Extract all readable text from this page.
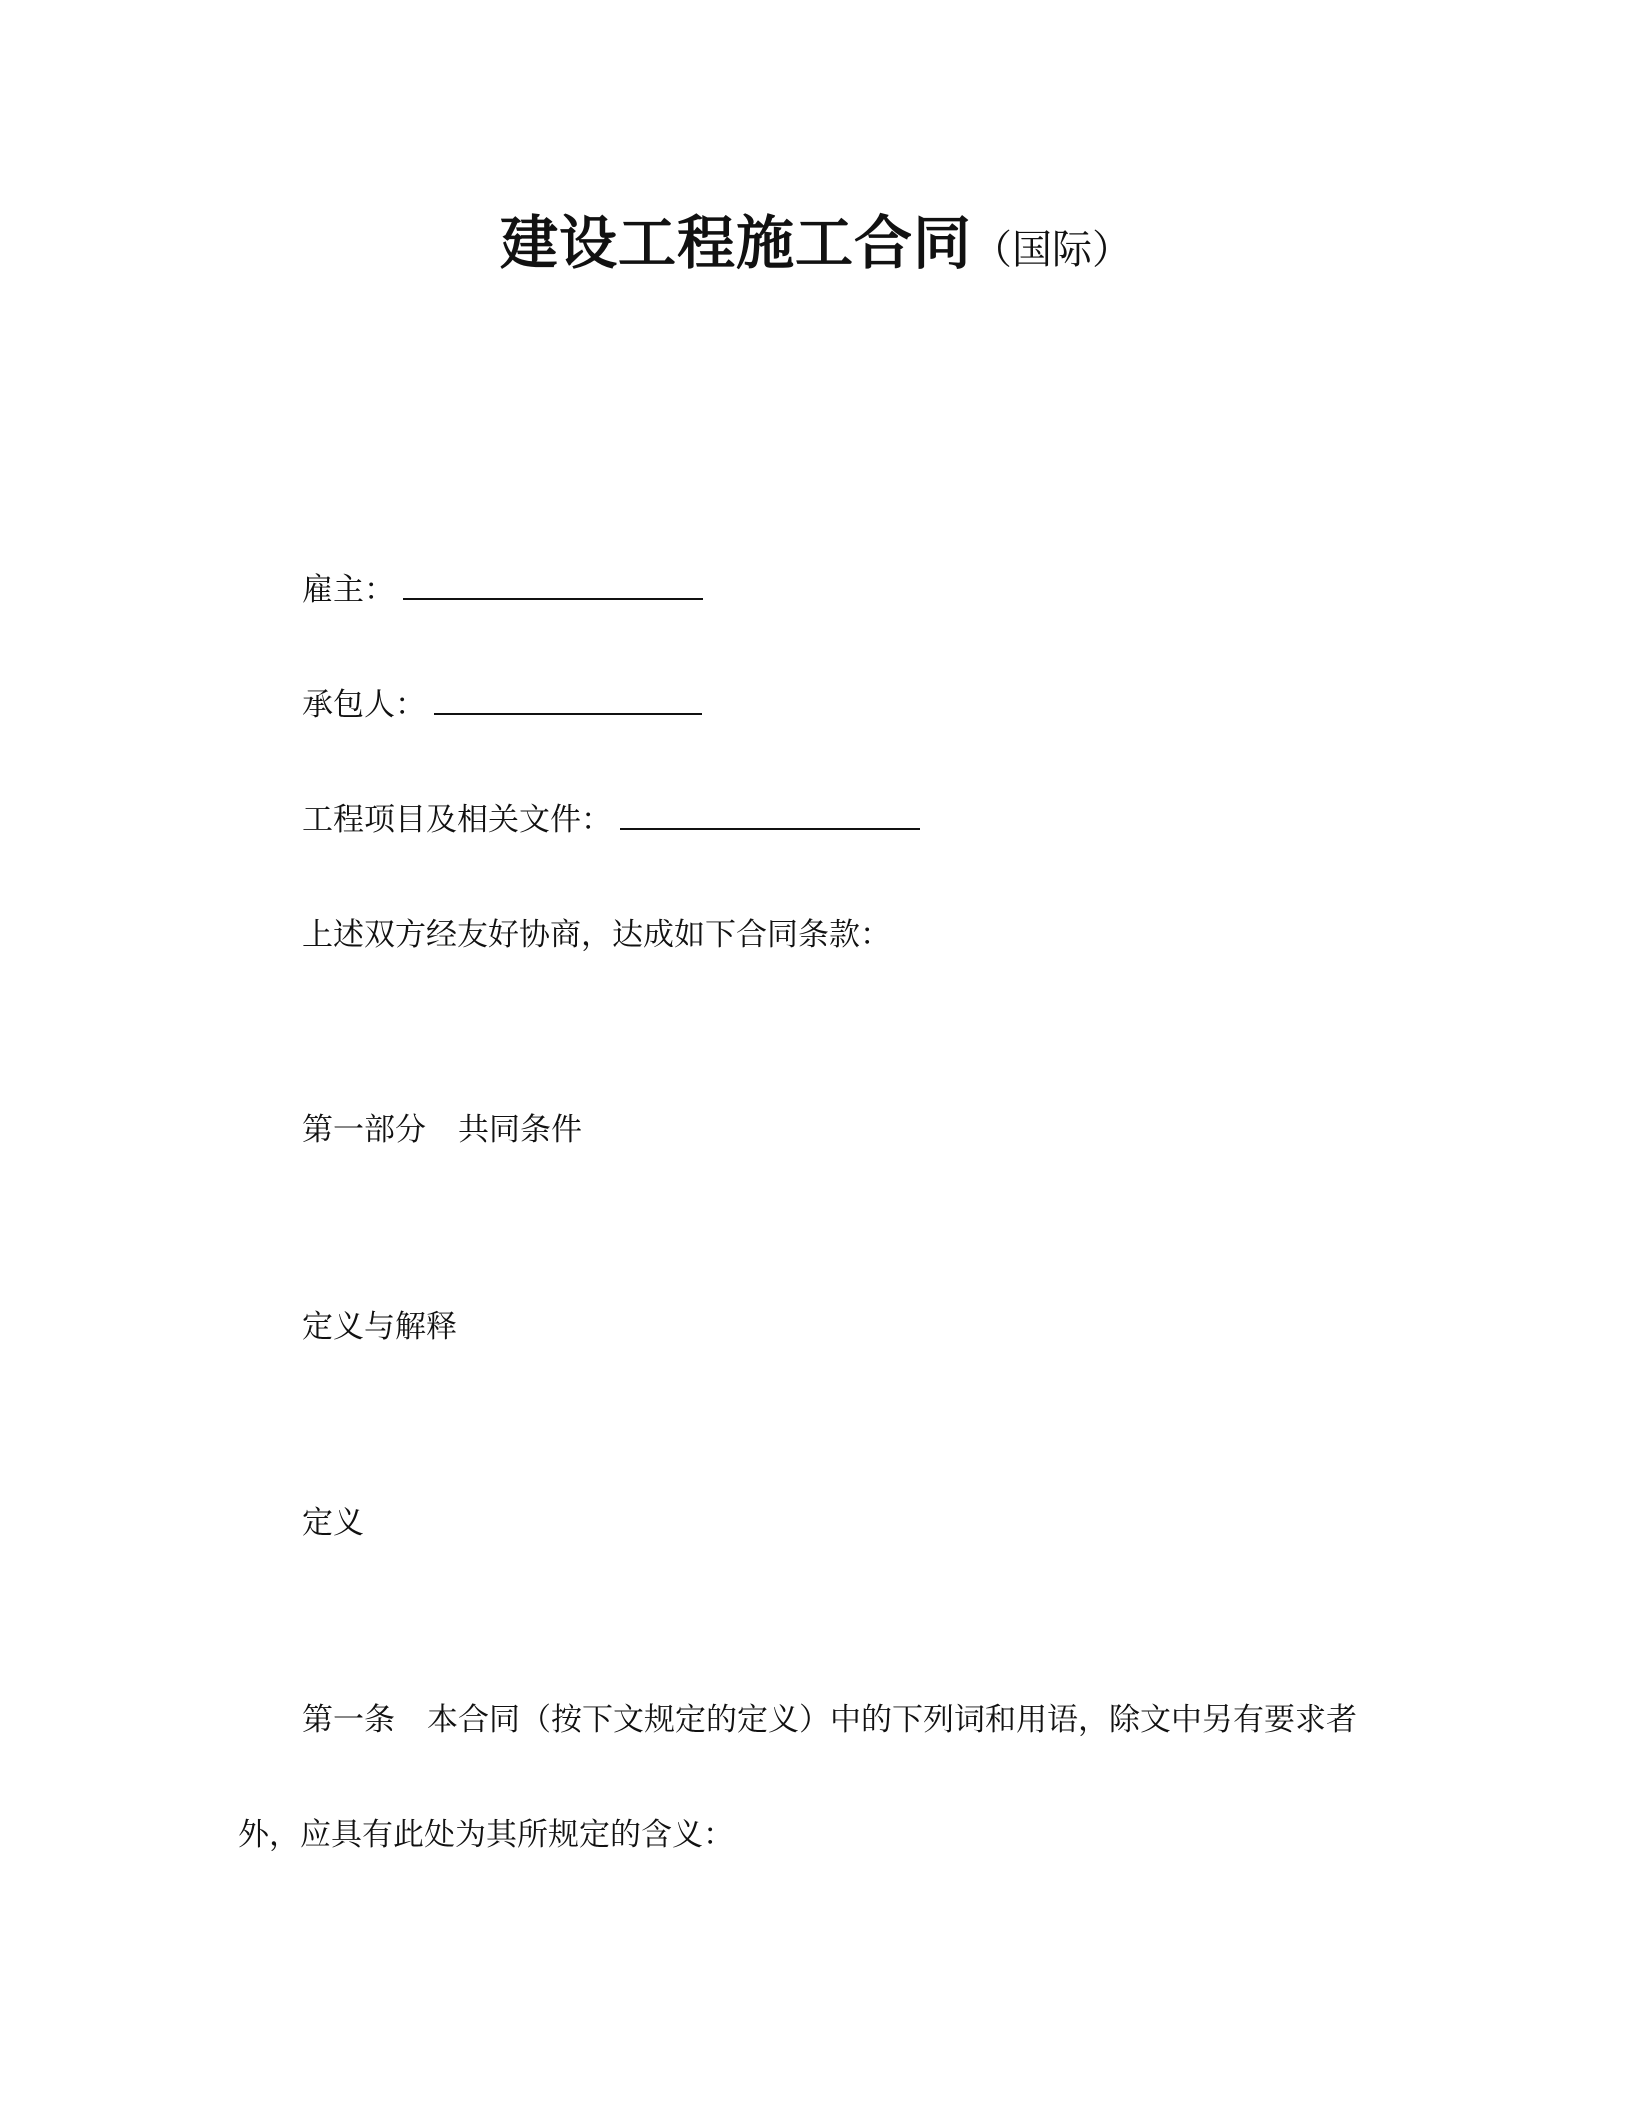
建设工程施工合同（国际）
雇主：
承包人：
工程项目及相关文件：
上述双方经友好协商，达成如下合同条款：
第一部分 共同条件
定义与解释
定义
第一条 本合同（按下文规定的定义）中的下列词和用语，除文中另有要求者
外，应具有此处为其所规定的含义：
